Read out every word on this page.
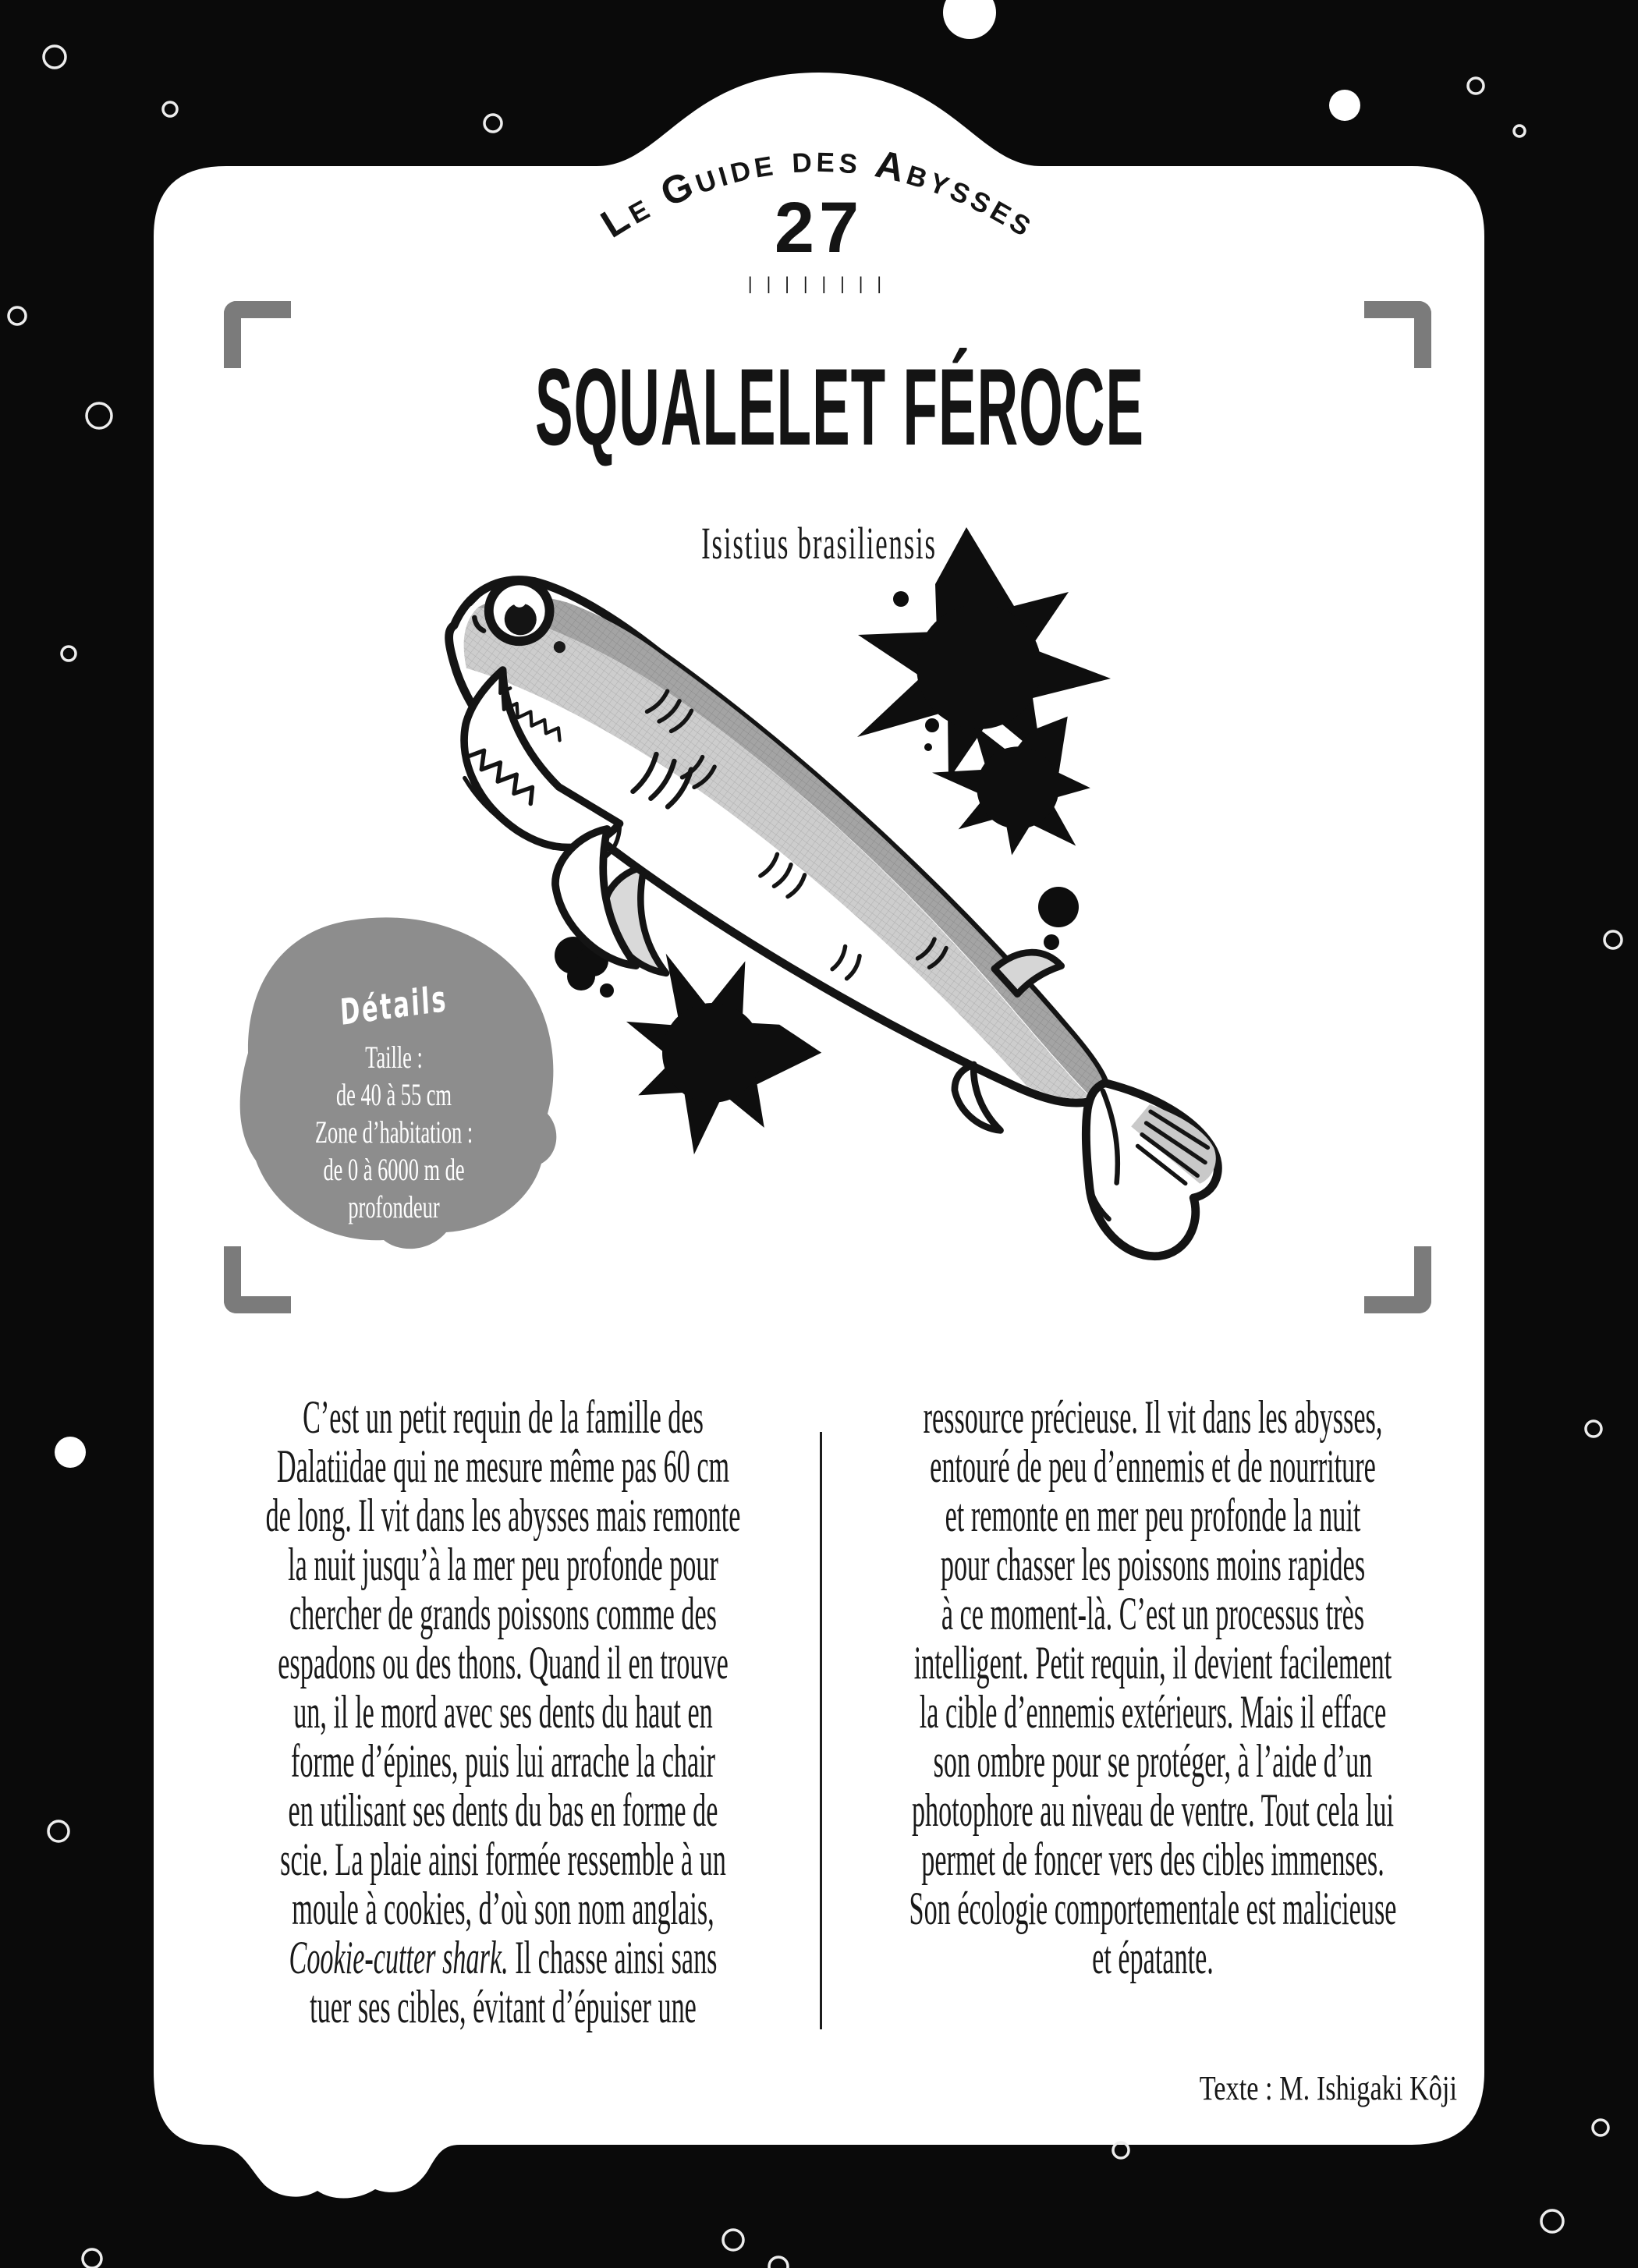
Le Guide des Abysses
27
||||||||
SQUALELET FÉROCE
Isistius brasiliensis
Détails
Taille :
de 40 à 55 cm
Zone d’habitation :
de 0 à 6000 m de
profondeur
C’est un petit requin de la famille des
Dalatiidae qui ne mesure même pas 60 cm
de long. Il vit dans les abysses mais remonte
la nuit jusqu’à la mer peu profonde pour
chercher de grands poissons comme des
espadons ou des thons. Quand il en trouve
un, il le mord avec ses dents du haut en
forme d’épines, puis lui arrache la chair
en utilisant ses dents du bas en forme de
scie. La plaie ainsi formée ressemble à un
moule à cookies, d’où son nom anglais,
Cookie-cutter shark. Il chasse ainsi sans
tuer ses cibles, évitant d’épuiser une
ressource précieuse. Il vit dans les abysses,
entouré de peu d’ennemis et de nourriture
et remonte en mer peu profonde la nuit
pour chasser les poissons moins rapides
à ce moment-là. C’est un processus très
intelligent. Petit requin, il devient facilement
la cible d’ennemis extérieurs. Mais il efface
son ombre pour se protéger, à l’aide d’un
photophore au niveau de ventre. Tout cela lui
permet de foncer vers des cibles immenses.
Son écologie comportementale est malicieuse
et épatante.
Texte : M. Ishigaki Kôji
